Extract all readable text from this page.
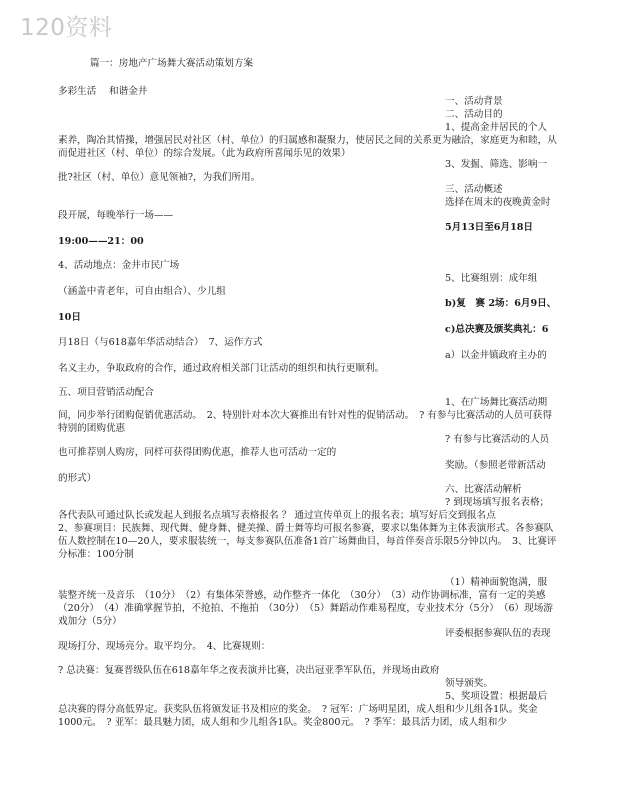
120资料
篇一：房地产广场舞大赛活动策划方案
多彩生活　 和谐金井
一、活动背景
二、活动目的
1、提高金井居民的个人
素养，陶冶其情操，增强居民对社区（村、单位）的归属感和凝聚力，使居民之间的关系更为融洽，家庭更为和睦，从而促进社区（村、单位）的综合发展。（此为政府所喜闻乐见的效果）
3、发掘、筛选、影响一
批?社区（村、单位）意见领袖?，为我们所用。
三、活动概述
选择在周末的夜晚黄金时
段开展，每晚举行一场——
5月13日至6月18日
19:00——21：00
4、活动地点：金井市民广场
5、比赛组别：成年组
（涵盖中青老年，可自由组合）、少儿组
b)复　赛 2场：6月9日、
10日
c)总决赛及颁奖典礼：6
月18日（与618嘉年华活动结合）　7、运作方式
a）以金井镇政府主办的
名义主办，争取政府的合作，通过政府相关部门让活动的组织和执行更顺利。
五、项目营销活动配合
1、在广场舞比赛活动期
间，同步举行团购促销优惠活动。　2、特别针对本次大赛推出有针对性的促销活动。　? 有参与比赛活动的人员可获得特别的团购优惠
? 有参与比赛活动的人员
也可推荐别人购房，同样可获得团购优惠，推荐人也可活动一定的
奖励。（参照老带新活动
的形式）
六、比赛活动解析
? 到现场填写报名表格；
各代表队可通过队长或发起人到报名点填写表格报名 ？ 通过宣传单页上的报名表；填写好后交到报名点
2、参赛项目：民族舞、现代舞、健身舞、健美操、爵士舞等均可报名参赛，要求以集体舞为主体表演形式。各参赛队伍人数控制在10—20人，要求服装统一，每支参赛队伍准备1首广场舞曲目，每首伴奏音乐限5分钟以内。　3、比赛评分标准：100分制
（1）精神面貌饱满，服
装整齐统一及音乐　（10分）　（2）有集体荣誉感，动作整齐一体化　（30分）　（3）动作协调标准，富有一定的美感（20分）　（4）准确掌握节拍，不抢拍、不拖拍　（30分）　（5）舞蹈动作难易程度，专业技术分（5分）　（6）现场游戏加分（5分）
评委根据参赛队伍的表现
现场打分、现场亮分。取平均分。　4、比赛规则：
? 总决赛：复赛晋级队伍在618嘉年华之夜表演并比赛，决出冠亚季军队伍，并现场由政府
领导颁奖。
5、奖项设置：根据最后
总决赛的得分高低界定。获奖队伍将颁发证书及相应的奖金。　? 冠军：广场明星团，成人组和少儿组各1队。奖金1000元。　? 亚军：最具魅力团，成人组和少儿组各1队。奖金800元。　? 季军：最具活力团，成人组和少
